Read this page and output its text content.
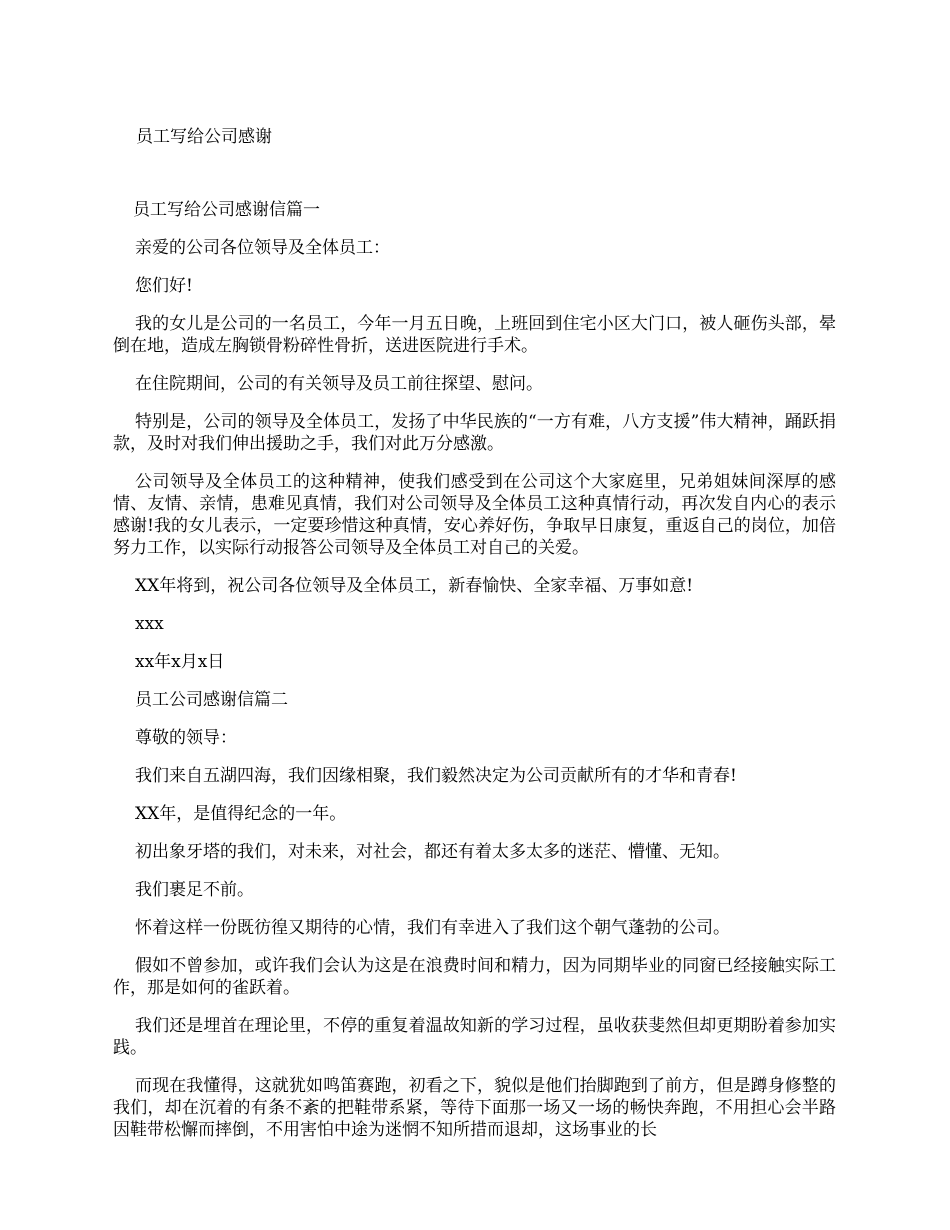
员工写给公司感谢

员工写给公司感谢信篇一

亲爱的公司各位领导及全体员工：

您们好!

我的女儿是公司的一名员工，今年一月五日晚，上班回到住宅小区大门口，被人砸伤头部，晕倒在地，造成左胸锁骨粉碎性骨折，送进医院进行手术。

在住院期间，公司的有关领导及员工前往探望、慰问。

特别是，公司的领导及全体员工，发扬了中华民族的“一方有难，八方支援”伟大精神，踊跃捐款，及时对我们伸出援助之手，我们对此万分感激。

公司领导及全体员工的这种精神，使我们感受到在公司这个大家庭里，兄弟姐妹间深厚的感情、友情、亲情，患难见真情，我们对公司领导及全体员工这种真情行动，再次发自内心的表示感谢!我的女儿表示，一定要珍惜这种真情，安心养好伤，争取早日康复，重返自己的岗位，加倍努力工作，以实际行动报答公司领导及全体员工对自己的关爱。

XX年将到，祝公司各位领导及全体员工，新春愉快、全家幸福、万事如意!

xxx

xx年x月x日

员工公司感谢信篇二

尊敬的领导：

我们来自五湖四海，我们因缘相聚，我们毅然决定为公司贡献所有的才华和青春!

XX年，是值得纪念的一年。

初出象牙塔的我们，对未来，对社会，都还有着太多太多的迷茫、懵懂、无知。

我们裹足不前。

怀着这样一份既彷徨又期待的心情，我们有幸进入了我们这个朝气蓬勃的公司。

假如不曾参加，或许我们会认为这是在浪费时间和精力，因为同期毕业的同窗已经接触实际工作，那是如何的雀跃着。

我们还是埋首在理论里，不停的重复着温故知新的学习过程，虽收获斐然但却更期盼着参加实践。

而现在我懂得，这就犹如鸣笛赛跑，初看之下，貌似是他们抬脚跑到了前方，但是蹲身修整的我们，却在沉着的有条不紊的把鞋带系紧，等待下面那一场又一场的畅快奔跑，不用担心会半路因鞋带松懈而摔倒，不用害怕中途为迷惘不知所措而退却，这场事业的长
